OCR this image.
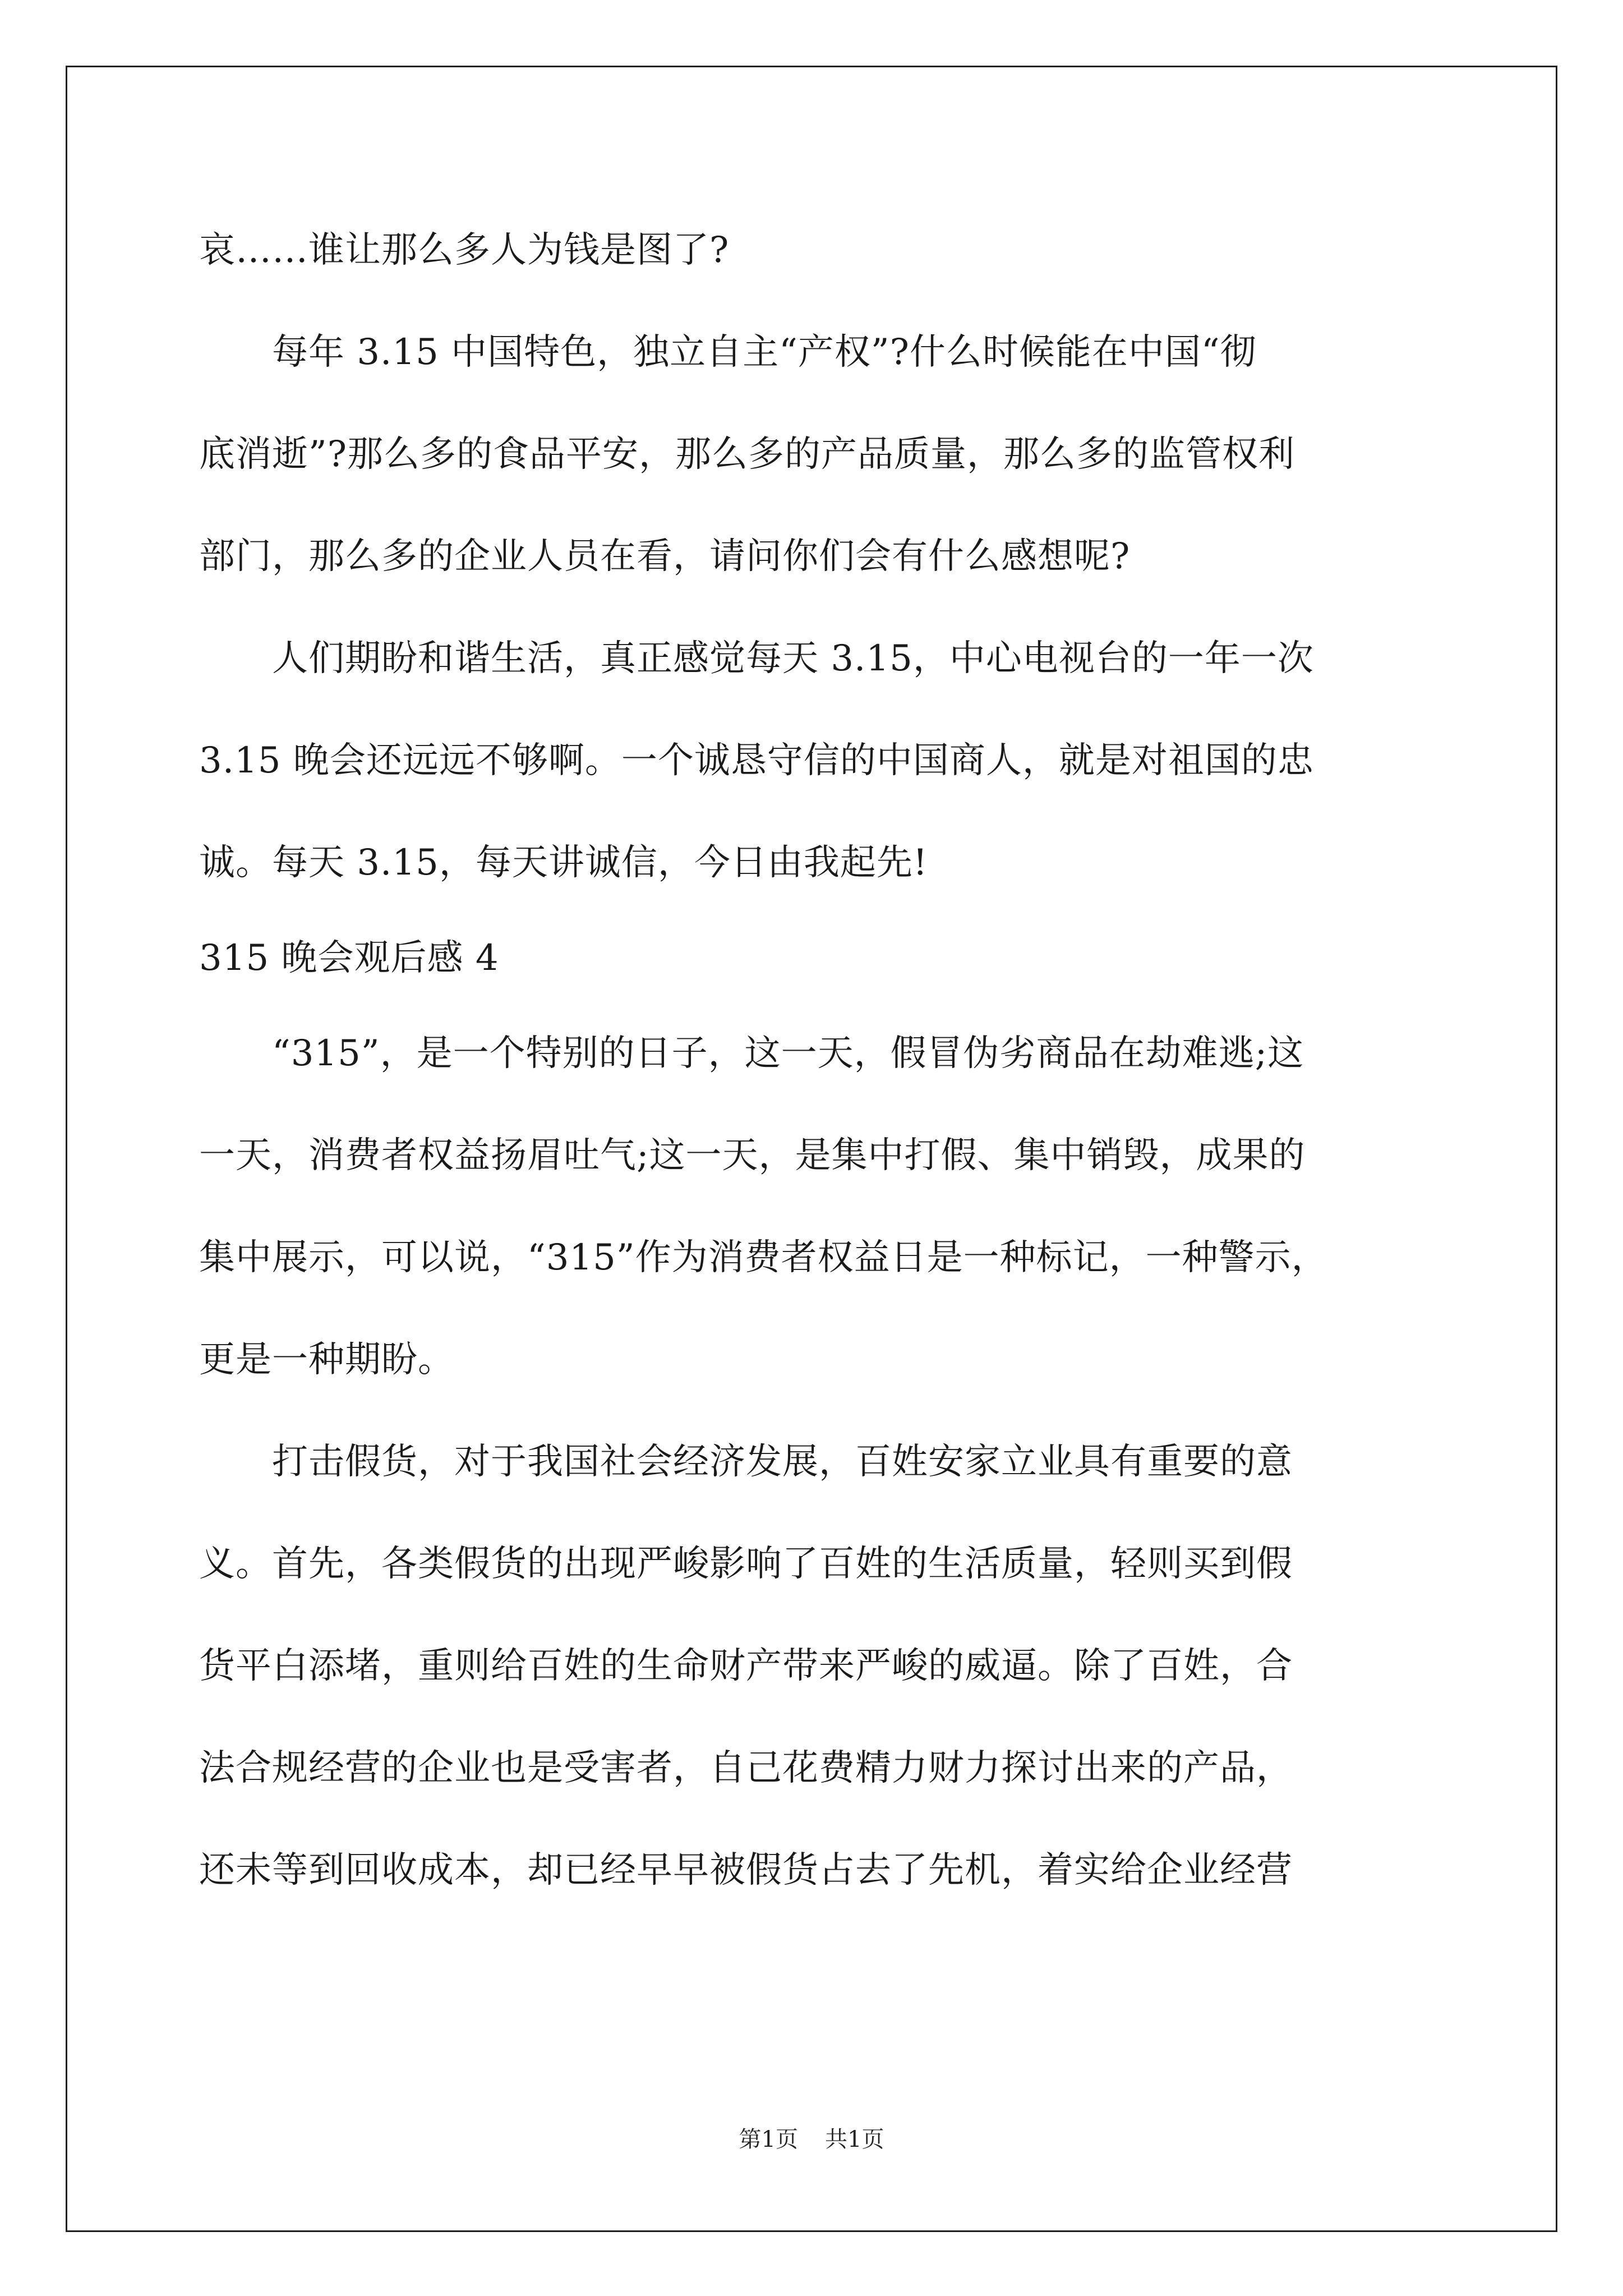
哀……谁让那么多人为钱是图了?
　　每年 3.15 中国特色，独立自主“产权”?什么时候能在中国“彻
底消逝”?那么多的食品平安，那么多的产品质量，那么多的监管权利
部门，那么多的企业人员在看，请问你们会有什么感想呢?
　　人们期盼和谐生活，真正感觉每天 3.15，中心电视台的一年一次
3.15 晚会还远远不够啊。一个诚恳守信的中国商人，就是对祖国的忠
诚。每天 3.15，每天讲诚信，今日由我起先!
315 晚会观后感 4
　　“315”，是一个特别的日子，这一天，假冒伪劣商品在劫难逃;这
一天，消费者权益扬眉吐气;这一天，是集中打假、集中销毁，成果的
集中展示，可以说，“315”作为消费者权益日是一种标记，一种警示，
更是一种期盼。
　　打击假货，对于我国社会经济发展，百姓安家立业具有重要的意
义。首先，各类假货的出现严峻影响了百姓的生活质量，轻则买到假
货平白添堵，重则给百姓的生命财产带来严峻的威逼。除了百姓，合
法合规经营的企业也是受害者，自己花费精力财力探讨出来的产品，
还未等到回收成本，却已经早早被假货占去了先机，着实给企业经营
第1页 共1页
